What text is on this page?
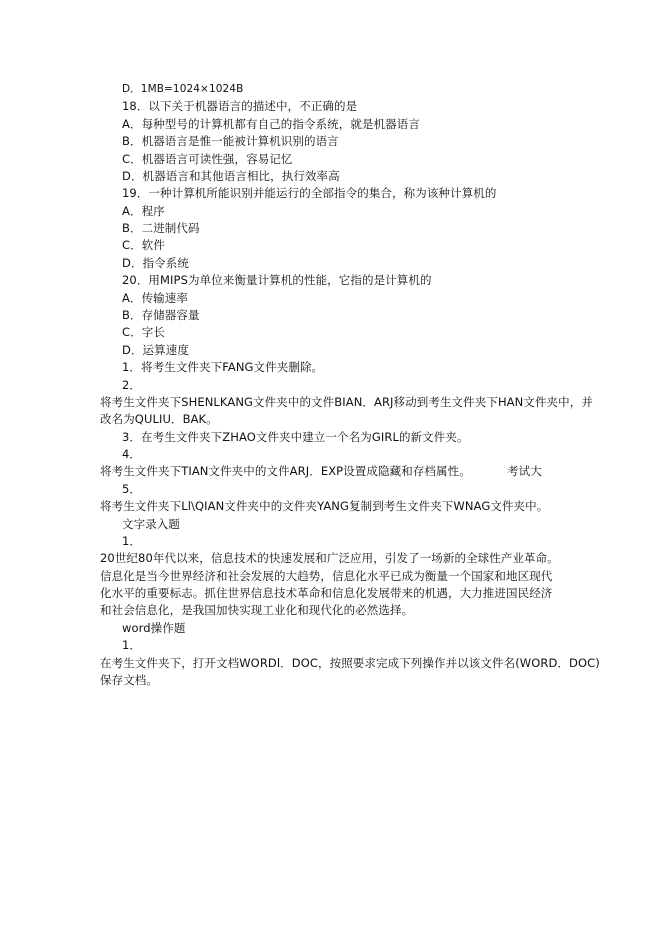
D．1MB=1024×1024B
18．以下关于机器语言的描述中，不正确的是
A．每种型号的计算机都有自己的指令系统，就是机器语言
B．机器语言是惟一能被计算机识别的语言
C．机器语言可读性强，容易记忆
D．机器语言和其他语言相比，执行效率高
19．一种计算机所能识别并能运行的全部指令的集合，称为该种计算机的
A．程序
B．二进制代码
C．软件
D．指令系统
20．用MIPS为单位来衡量计算机的性能，它指的是计算机的
A．传输速率
B．存储器容量
C．字长
D．运算速度
1．将考生文件夹下FANG文件夹删除。
2．
将考生文件夹下SHENLKANG文件夹中的文件BIAN．ARJ移动到考生文件夹下HAN文件夹中，并
改名为QULIU．BAK。
3．在考生文件夹下ZHAO文件夹中建立一个名为GIRL的新文件夹。
4．
将考生文件夹下TIAN文件夹中的文件ARJ．EXP设置成隐藏和存档属性。	考试大
5．
将考生文件夹下Ll\QIAN文件夹中的文件夹YANG复制到考生文件夹下WNAG文件夹中。
文字录入题
1．
20世纪80年代以来，信息技术的快速发展和广泛应用，引发了一场新的全球性产业革命。
信息化是当今世界经济和社会发展的大趋势，信息化水平已成为衡量一个国家和地区现代
化水平的重要标志。抓住世界信息技术革命和信息化发展带来的机遇，大力推进国民经济
和社会信息化，是我国加快实现工业化和现代化的必然选择。
word操作题
1．
在考生文件夹下，打开文档WORDl．DOC，按照要求完成下列操作并以该文件名(WORD．DOC)
保存文档。
